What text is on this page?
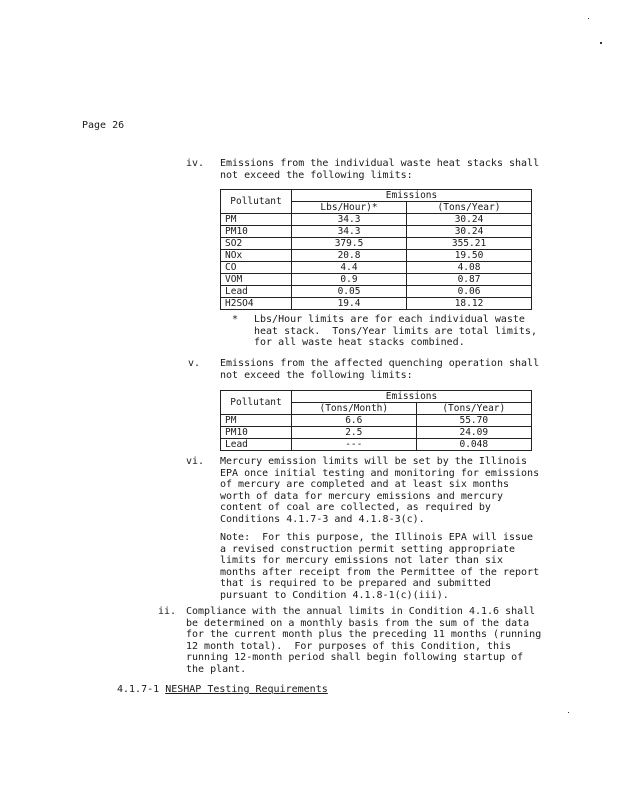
Page 26
iv. Emissions from the individual waste heat stacks shall
not exceed the following limits:
Pollutant	Emissions	
	Lbs/Hour)*	(Tons/Year)
PM	34.3	30.24
PM10	34.3	30.24
SO2	379.5	355.21
NOx	20.8	19.50
CO	4.4	4.08
VOM	0.9	0.87
Lead	0.05	0.06
H2SO4	19.4	18.12
* Lbs/Hour limits are for each individual waste
heat stack.  Tons/Year limits are total limits,
for all waste heat stacks combined.
v. Emissions from the affected quenching operation shall
not exceed the following limits:
Pollutant	Emissions	
	(Tons/Month)	(Tons/Year)
PM	6.6	55.70
PM10	2.5	24.09
Lead	---	0.048
vi. Mercury emission limits will be set by the Illinois
EPA once initial testing and monitoring for emissions
of mercury are completed and at least six months
worth of data for mercury emissions and mercury
content of coal are collected, as required by
Conditions 4.1.7-3 and 4.1.8-3(c).
Note:  For this purpose, the Illinois EPA will issue
a revised construction permit setting appropriate
limits for mercury emissions not later than six
months after receipt from the Permittee of the report
that is required to be prepared and submitted
pursuant to Condition 4.1.8-1(c)(iii).
ii. Compliance with the annual limits in Condition 4.1.6 shall
be determined on a monthly basis from the sum of the data
for the current month plus the preceding 11 months (running
12 month total).  For purposes of this Condition, this
running 12-month period shall begin following startup of
the plant.
4.1.7-1 NESHAP Testing Requirements
